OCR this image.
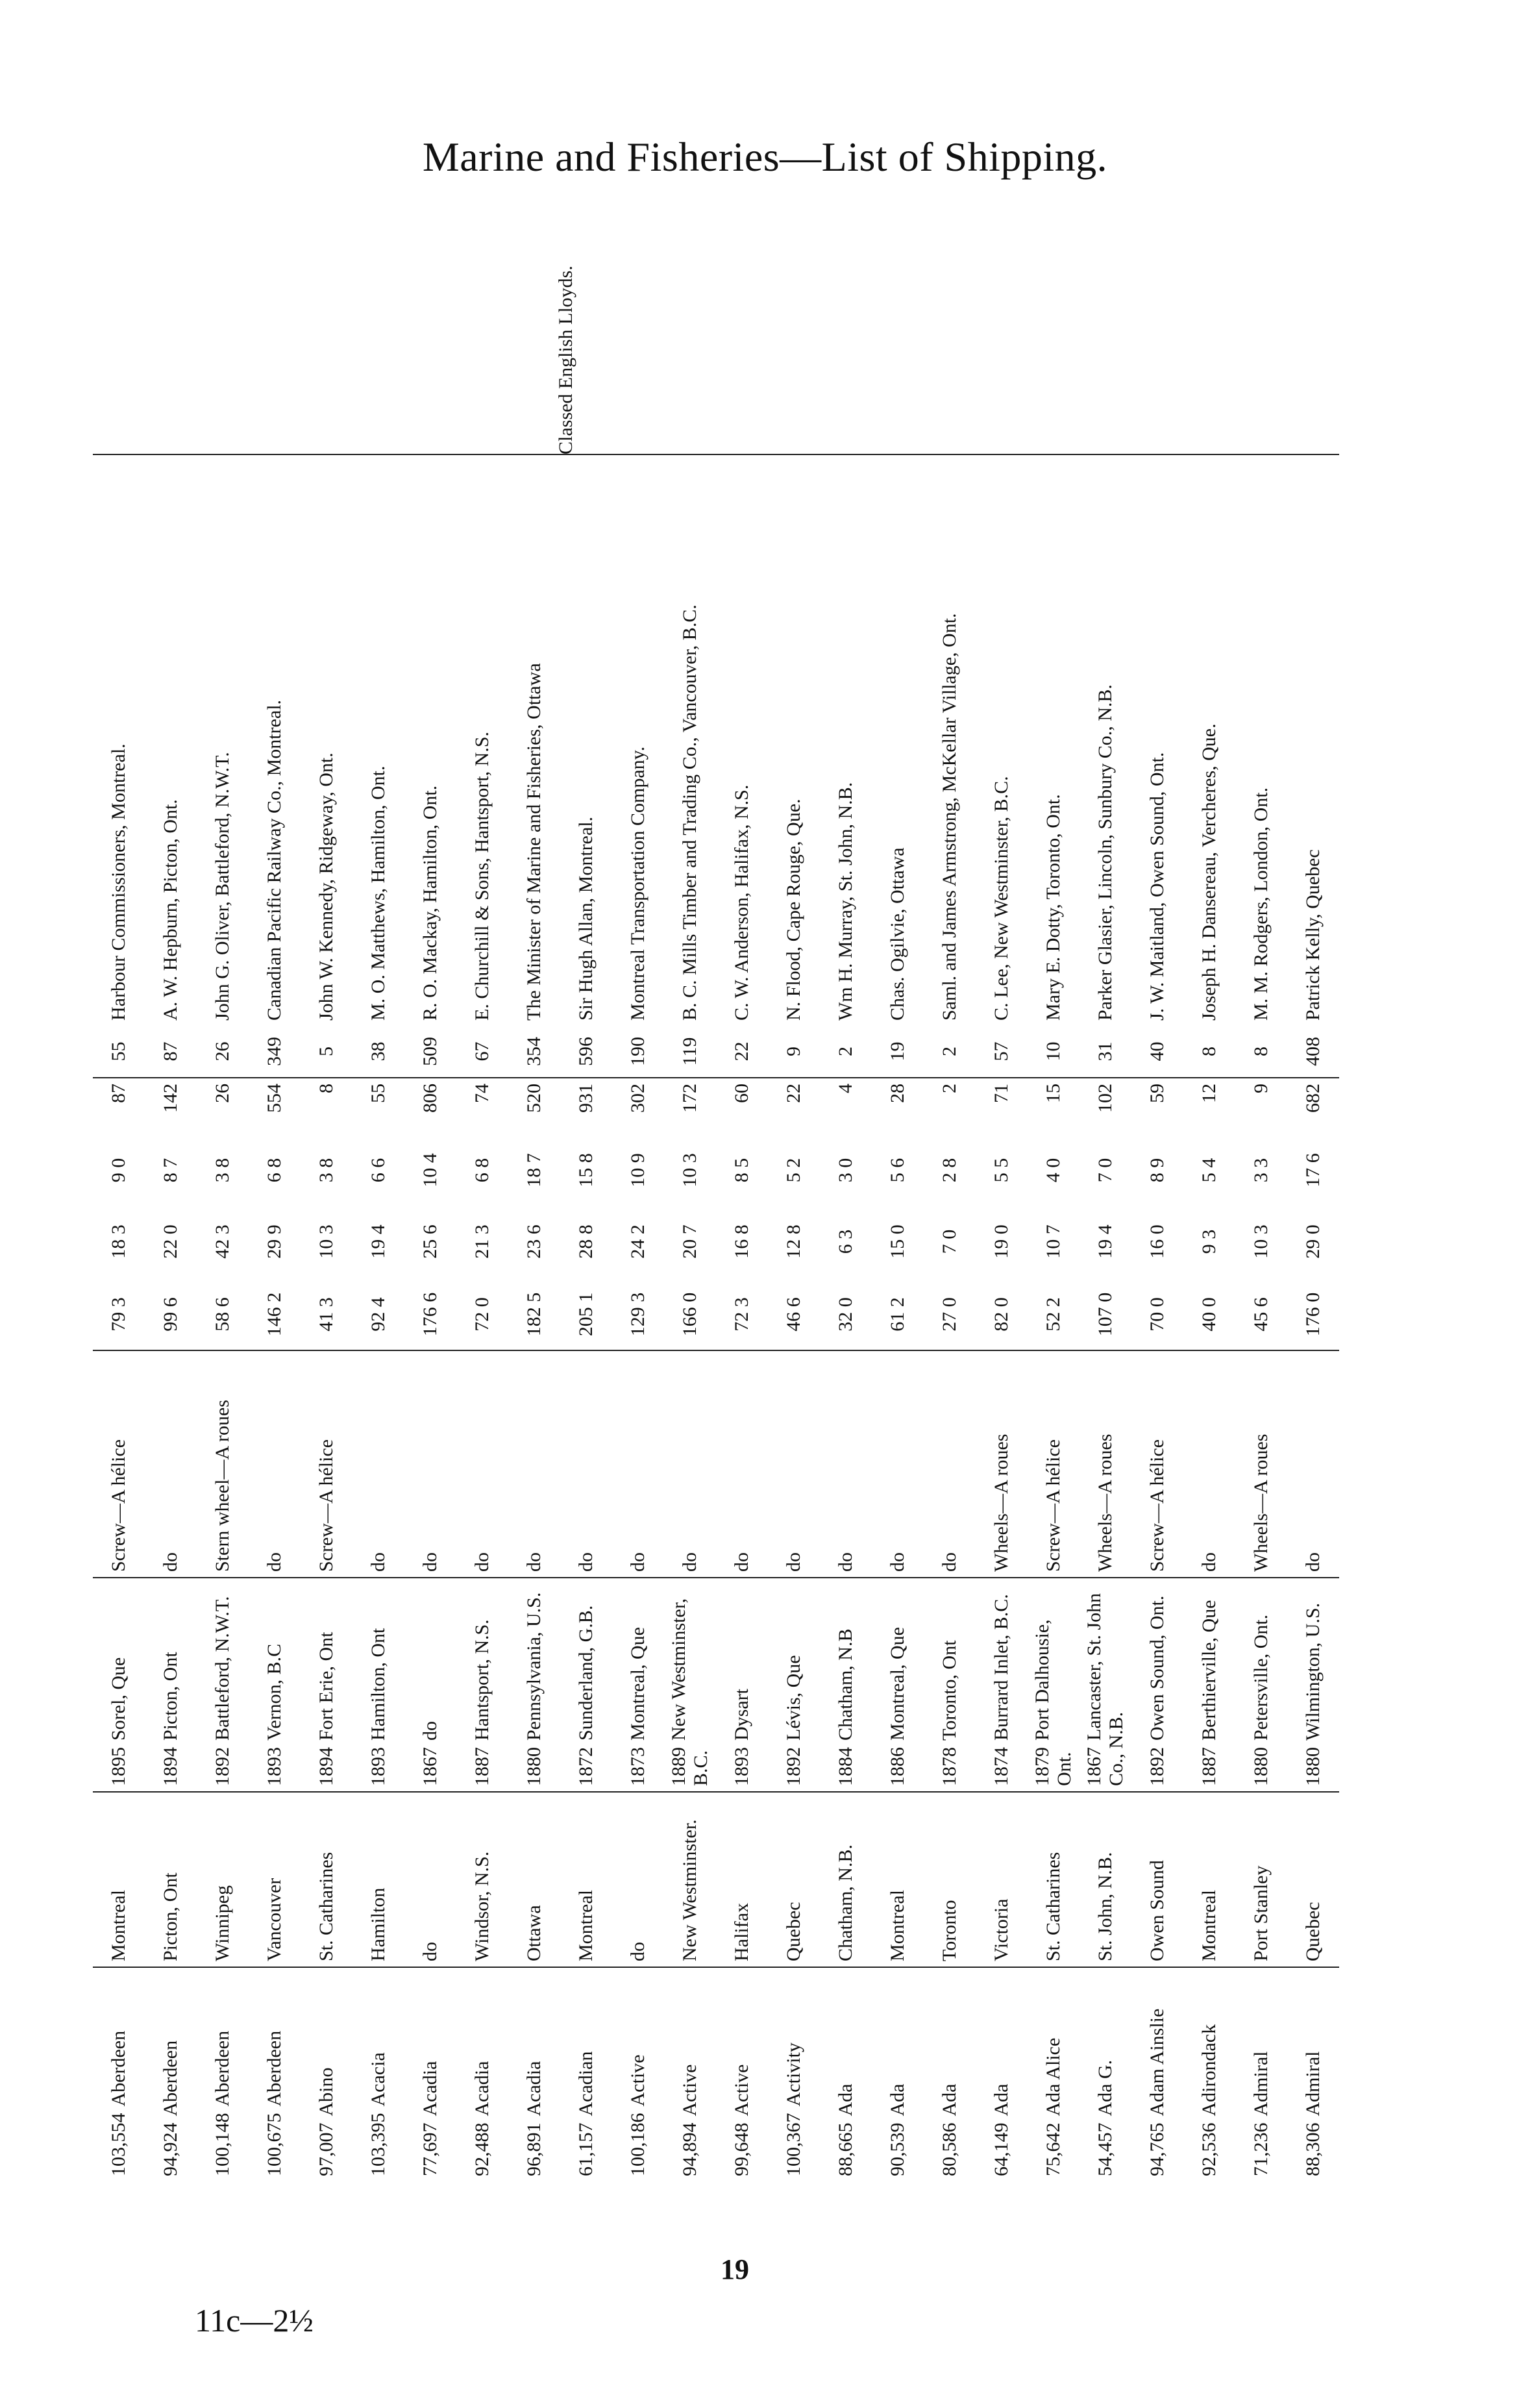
Marine and Fisheries—List of Shipping.
Classed English Lloyds.
103,554Aberdeen	Montreal	1895Sorel, Que	Screw—A hélice	79 3	18 3	9 0	87	55	Harbour Commissioners, Montreal.
94,924Aberdeen	Picton, Ont	1894Picton, Ont	do	99 6	22 0	8 7	142	87	A. W. Hepburn, Picton, Ont.
100,148Aberdeen	Winnipeg	1892Battleford, N.W.T.	Stern wheel—A roues	58 6	42 3	3 8	26	26	John G. Oliver, Battleford, N.W.T.
100,675Aberdeen	Vancouver	1893Vernon, B.C	do	146 2	29 9	6 8	554	349	Canadian Pacific Railway Co., Montreal.
97,007Abino	St. Catharines	1894Fort Erie, Ont	Screw—A hélice	41 3	10 3	3 8	8	5	John W. Kennedy, Ridgeway, Ont.
103,395Acacia	Hamilton	1893Hamilton, Ont	do	92 4	19 4	6 6	55	38	M. O. Matthews, Hamilton, Ont.
77,697Acadia	do	1867do	do	176 6	25 6	10 4	806	509	R. O. Mackay, Hamilton, Ont.
92,488Acadia	Windsor, N.S.	1887Hantsport, N.S.	do	72 0	21 3	6 8	74	67	E. Churchill & Sons, Hantsport, N.S.
96,891Acadia	Ottawa	1880Pennsylvania, U.S.	do	182 5	23 6	18 7	520	354	The Minister of Marine and Fisheries, Ottawa
61,157Acadian	Montreal	1872Sunderland, G.B.	do	205 1	28 8	15 8	931	596	Sir Hugh Allan, Montreal.
100,186Active	do	1873Montreal, Que	do	129 3	24 2	10 9	302	190	Montreal Transportation Company.
94,894Active	New Westminster.	1889New Westminster, B.C.	do	166 0	20 7	10 3	172	119	B. C. Mills Timber and Trading Co., Vancouver, B.C.
99,648Active	Halifax	1893Dysart	do	72 3	16 8	8 5	60	22	C. W. Anderson, Halifax, N.S.
100,367Activity	Quebec	1892Lévis, Que	do	46 6	12 8	5 2	22	9	N. Flood, Cape Rouge, Que.
88,665Ada	Chatham, N.B.	1884Chatham, N.B	do	32 0	6 3	3 0	4	2	Wm H. Murray, St. John, N.B.
90,539Ada	Montreal	1886Montreal, Que	do	61 2	15 0	5 6	28	19	Chas. Ogilvie, Ottawa
80,586Ada	Toronto	1878Toronto, Ont	do	27 0	7 0	2 8	2	2	Saml. and James Armstrong, McKellar Village, Ont.
64,149Ada	Victoria	1874Burrard Inlet, B.C.	Wheels—A roues	82 0	19 0	5 5	71	57	C. Lee, New Westminster, B.C.
75,642Ada Alice	St. Catharines	1879Port Dalhousie, Ont.	Screw—A hélice	52 2	10 7	4 0	15	10	Mary E. Dotty, Toronto, Ont.
54,457Ada G.	St. John, N.B.	1867Lancaster, St. John Co., N.B.	Wheels—A roues	107 0	19 4	7 0	102	31	Parker Glasier, Lincoln, Sunbury Co., N.B.
94,765Adam Ainslie	Owen Sound	1892Owen Sound, Ont.	Screw—A hélice	70 0	16 0	8 9	59	40	J. W. Maitland, Owen Sound, Ont.
92,536Adirondack	Montreal	1887Berthierville, Que	do	40 0	9 3	5 4	12	8	Joseph H. Dansereau, Vercheres, Que.
71,236Admiral	Port Stanley	1880Petersville, Ont.	Wheels—A roues	45 6	10 3	3 3	9	8	M. M. Rodgers, London, Ont.
88,306Admiral	Quebec	1880Wilmington, U.S.	do	176 0	29 0	17 6	682	408	Patrick Kelly, Quebec
19
11c—2½
